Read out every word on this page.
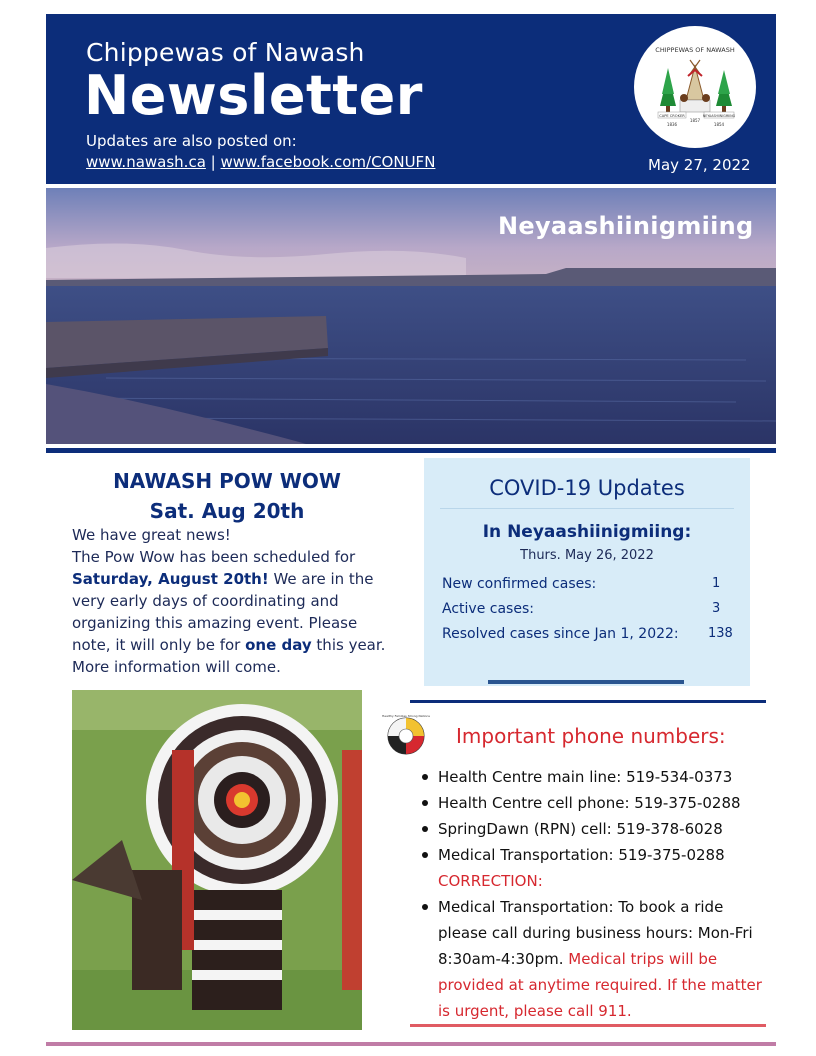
Chippewas of Nawash
Newsletter
Updates are also posted on:
www.nawash.ca | www.facebook.com/CONUFN	May 27, 2022
CHIPPEWAS OF NAWASH
CAPE CROKER	NEYAASHIINIGMIING
1836
1857
1854
Neyaashiinigmiing
NAWASH POW WOW
Sat. Aug 20th
We have great news!
The Pow Wow has been scheduled for Saturday, August 20th! We are in the very early days of coordinating and organizing this amazing event. Please note, it will only be for one day this year. More information will come.
COVID-19 Updates
In Neyaashiinigmiing:
Thurs. May 26, 2022
New confirmed cases:	1
Active cases:	3
Resolved cases since Jan 1, 2022: 138
Healthy Families Strong Nations
Important phone numbers:
Health Centre main line: 519-534-0373
Health Centre cell phone: 519-375-0288
SpringDawn (RPN) cell: 519-378-6028
Medical Transportation: 519-375-0288
CORRECTION:
Medical Transportation: To book a ride please call during business hours: Mon-Fri 8:30am-4:30pm. Medical trips will be provided at anytime required. If the matter is urgent, please call 911.
